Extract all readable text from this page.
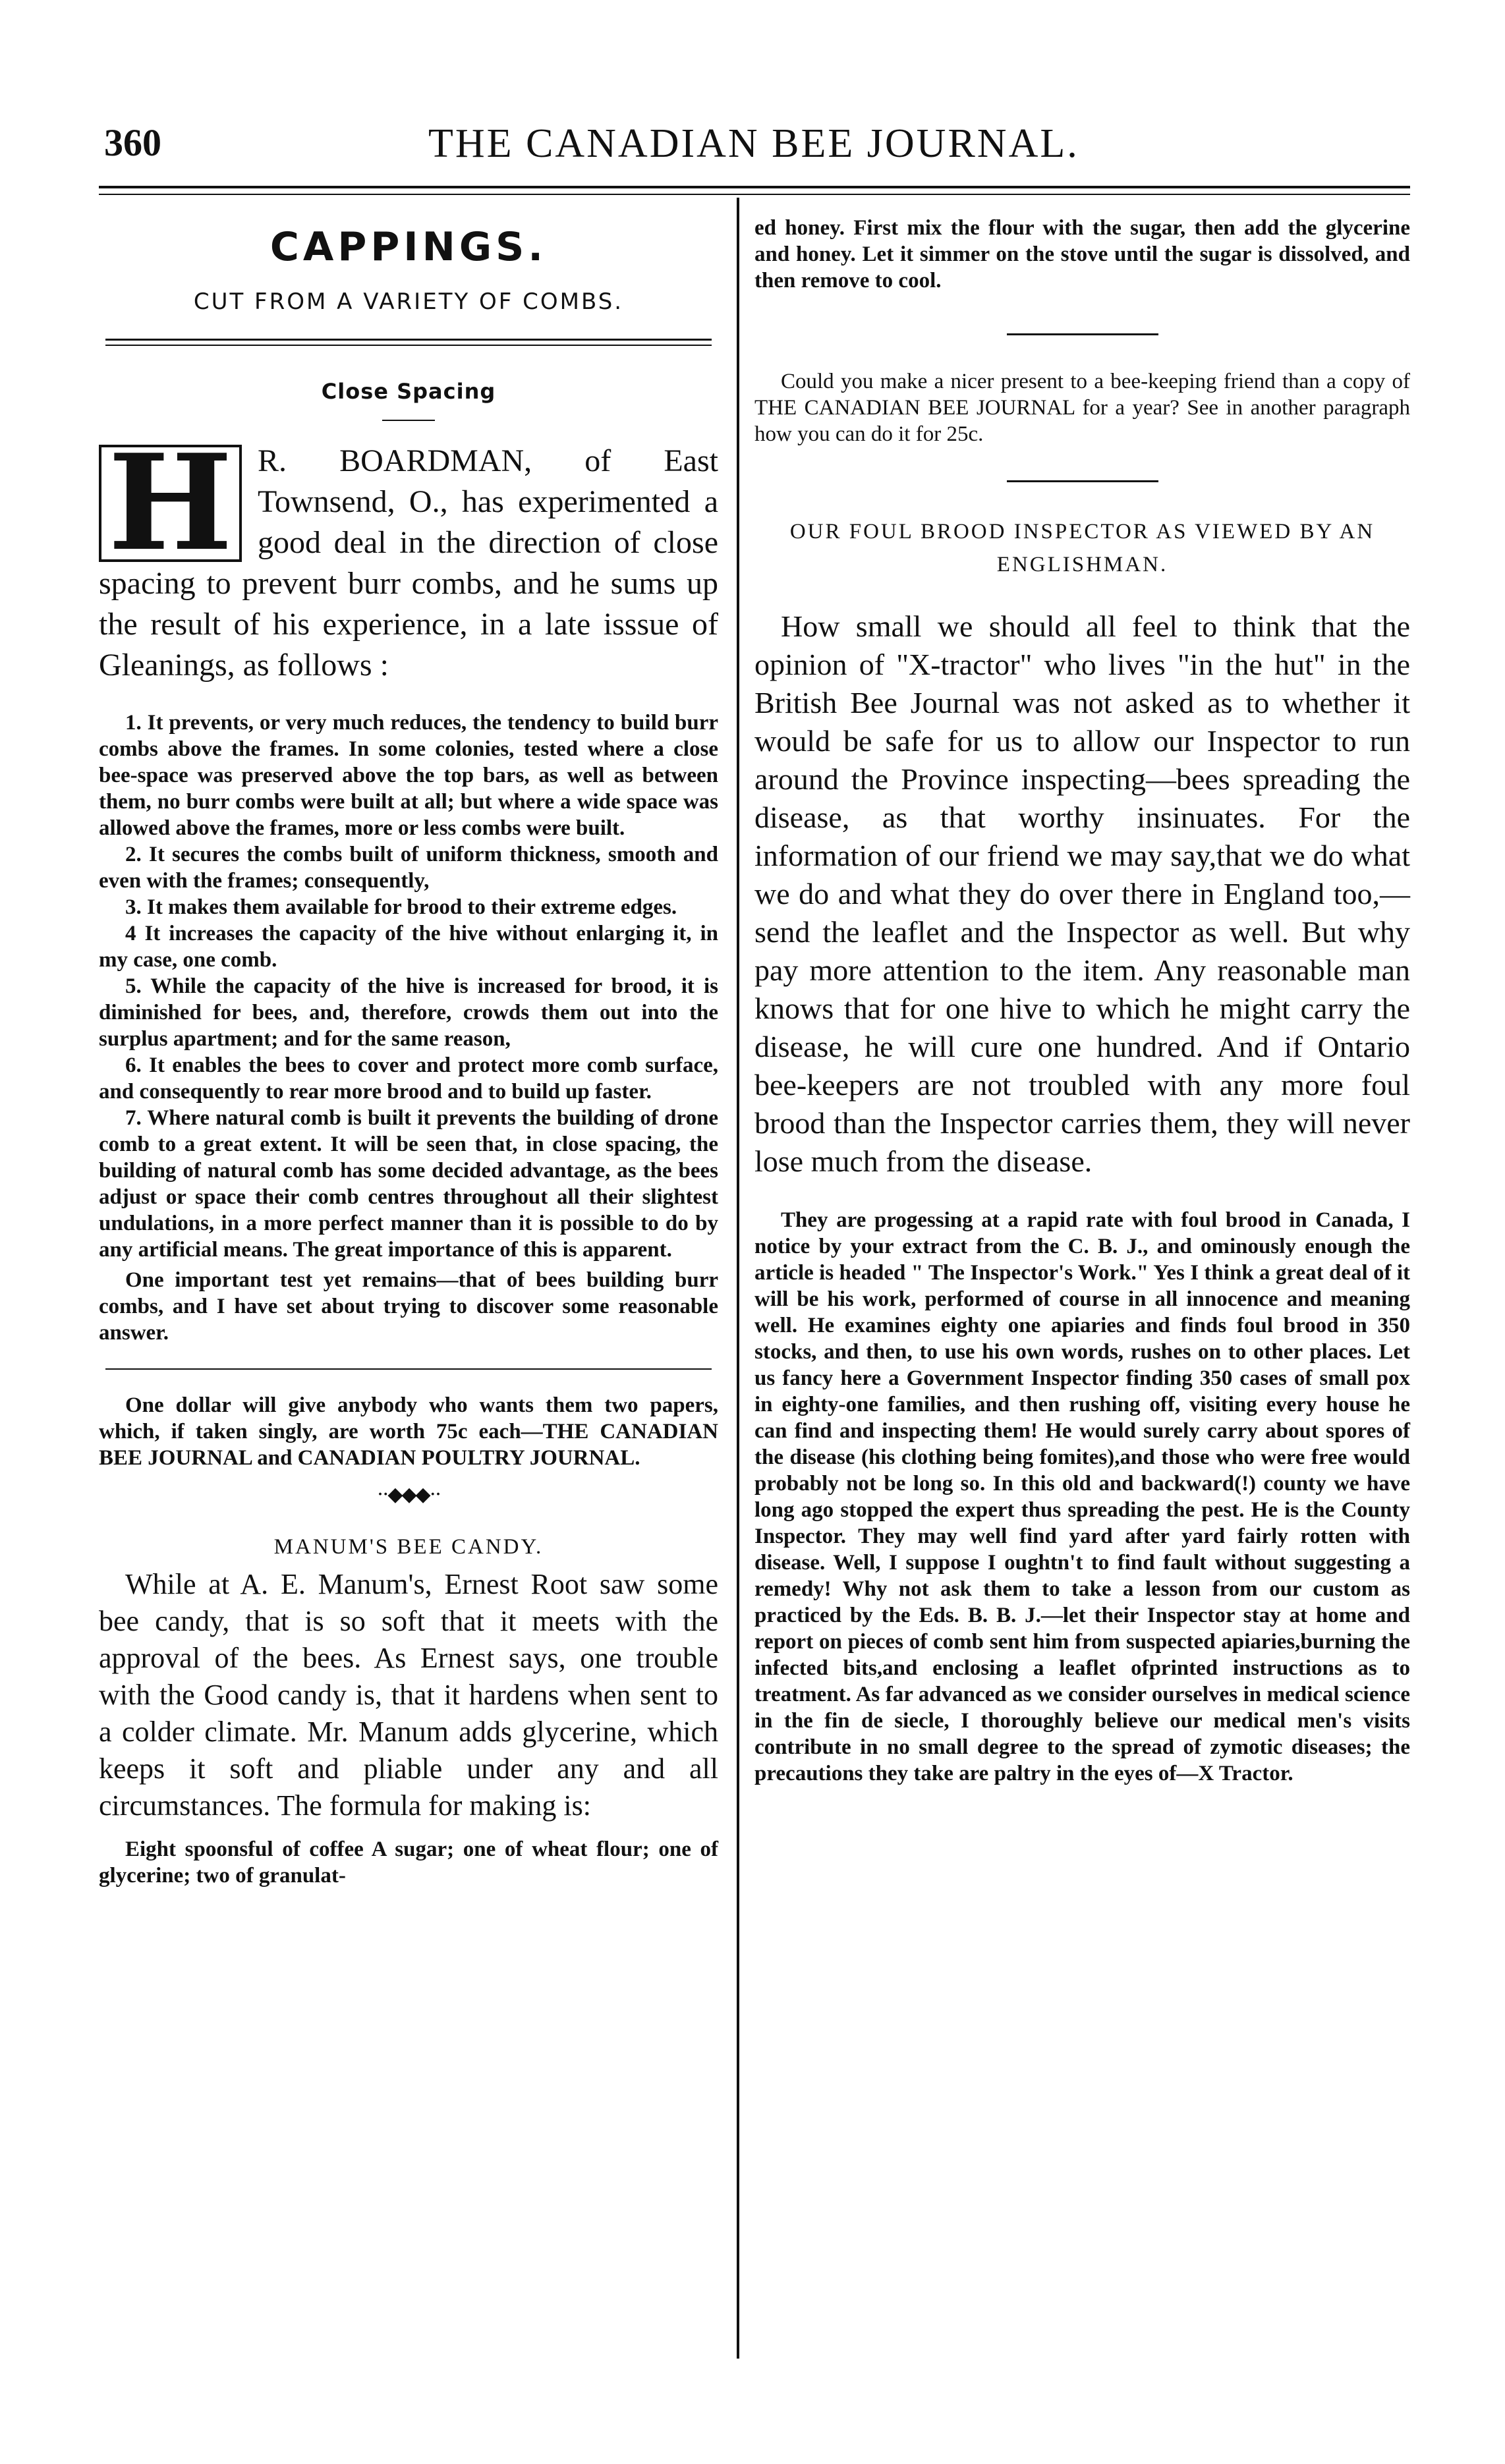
360	THE CANADIAN BEE JOURNAL.
CAPPINGS.
CUT FROM A VARIETY OF COMBS.
Close Spacing
H R. BOARDMAN, of East Townsend, O., has experimented a good deal in the direction of close spacing to prevent burr combs, and he sums up the result of his experience, in a late isssue of Gleanings, as follows :

1. It prevents, or very much reduces, the tendency to build burr combs above the frames. In some colonies, tested where a close bee-space was preserved above the top bars, as well as between them, no burr combs were built at all; but where a wide space was allowed above the frames, more or less combs were built.

2. It secures the combs built of uniform thickness, smooth and even with the frames; consequently,

3. It makes them available for brood to their extreme edges.

4 It increases the capacity of the hive without enlarging it, in my case, one comb.

5. While the capacity of the hive is increased for brood, it is diminished for bees, and, therefore, crowds them out into the surplus apartment; and for the same reason,

6. It enables the bees to cover and protect more comb surface, and consequently to rear more brood and to build up faster.

7. Where natural comb is built it prevents the building of drone comb to a great extent. It will be seen that, in close spacing, the building of natural comb has some decided advantage, as the bees adjust or space their comb centres throughout all their slightest undulations, in a more perfect manner than it is possible to do by any artificial means. The great importance of this is apparent.

One important test yet remains—that of bees building burr combs, and I have set about trying to discover some reasonable answer.

One dollar will give anybody who wants them two papers, which, if taken singly, are worth 75c each—THE CANADIAN BEE JOURNAL and CANADIAN POULTRY JOURNAL.

⋅⋅◆◆◆⋅⋅
MANUM'S BEE CANDY.

While at A. E. Manum's, Ernest Root saw some bee candy, that is so soft that it meets with the approval of the bees. As Ernest says, one trouble with the Good candy is, that it hardens when sent to a colder climate. Mr. Manum adds glycerine, which keeps it soft and pliable under any and all circumstances. The formula for making is:

Eight spoonsful of coffee A sugar; one of wheat flour; one of glycerine; two of granulat-

ed honey. First mix the flour with the sugar, then add the glycerine and honey. Let it simmer on the stove until the sugar is dissolved, and then remove to cool.

Could you make a nicer present to a bee-keeping friend than a copy of THE CANADIAN BEE JOURNAL for a year? See in another paragraph how you can do it for 25c.

OUR FOUL BROOD INSPECTOR AS VIEWED BY AN ENGLISHMAN.

How small we should all feel to think that the opinion of "X-tractor" who lives "in the hut" in the British Bee Journal was not asked as to whether it would be safe for us to allow our Inspector to run around the Province inspecting—bees spreading the disease, as that worthy insinuates. For the information of our friend we may say,that we do what we do and what they do over there in England too,—send the leaflet and the Inspector as well. But why pay more attention to the item. Any reasonable man knows that for one hive to which he might carry the disease, he will cure one hundred. And if Ontario bee-keepers are not troubled with any more foul brood than the Inspector carries them, they will never lose much from the disease.

They are progessing at a rapid rate with foul brood in Canada, I notice by your extract from the C. B. J., and ominously enough the article is headed " The Inspector's Work." Yes I think a great deal of it will be his work, performed of course in all innocence and meaning well. He examines eighty one apiaries and finds foul brood in 350 stocks, and then, to use his own words, rushes on to other places. Let us fancy here a Government Inspector finding 350 cases of small pox in eighty-one families, and then rushing off, visiting every house he can find and inspecting them! He would surely carry about spores of the disease (his clothing being fomites),and those who were free would probably not be long so. In this old and backward(!) county we have long ago stopped the expert thus spreading the pest. He is the County Inspector. They may well find yard after yard fairly rotten with disease. Well, I suppose I oughtn't to find fault without suggesting a remedy! Why not ask them to take a lesson from our custom as practiced by the Eds. B. B. J.—let their Inspector stay at home and report on pieces of comb sent him from suspected apiaries,burning the infected bits,and enclosing a leaflet ofprinted instructions as to treatment. As far advanced as we consider ourselves in medical science in the fin de siecle, I thoroughly believe our medical men's visits contribute in no small degree to the spread of zymotic diseases; the precautions they take are paltry in the eyes of—X Tractor.
